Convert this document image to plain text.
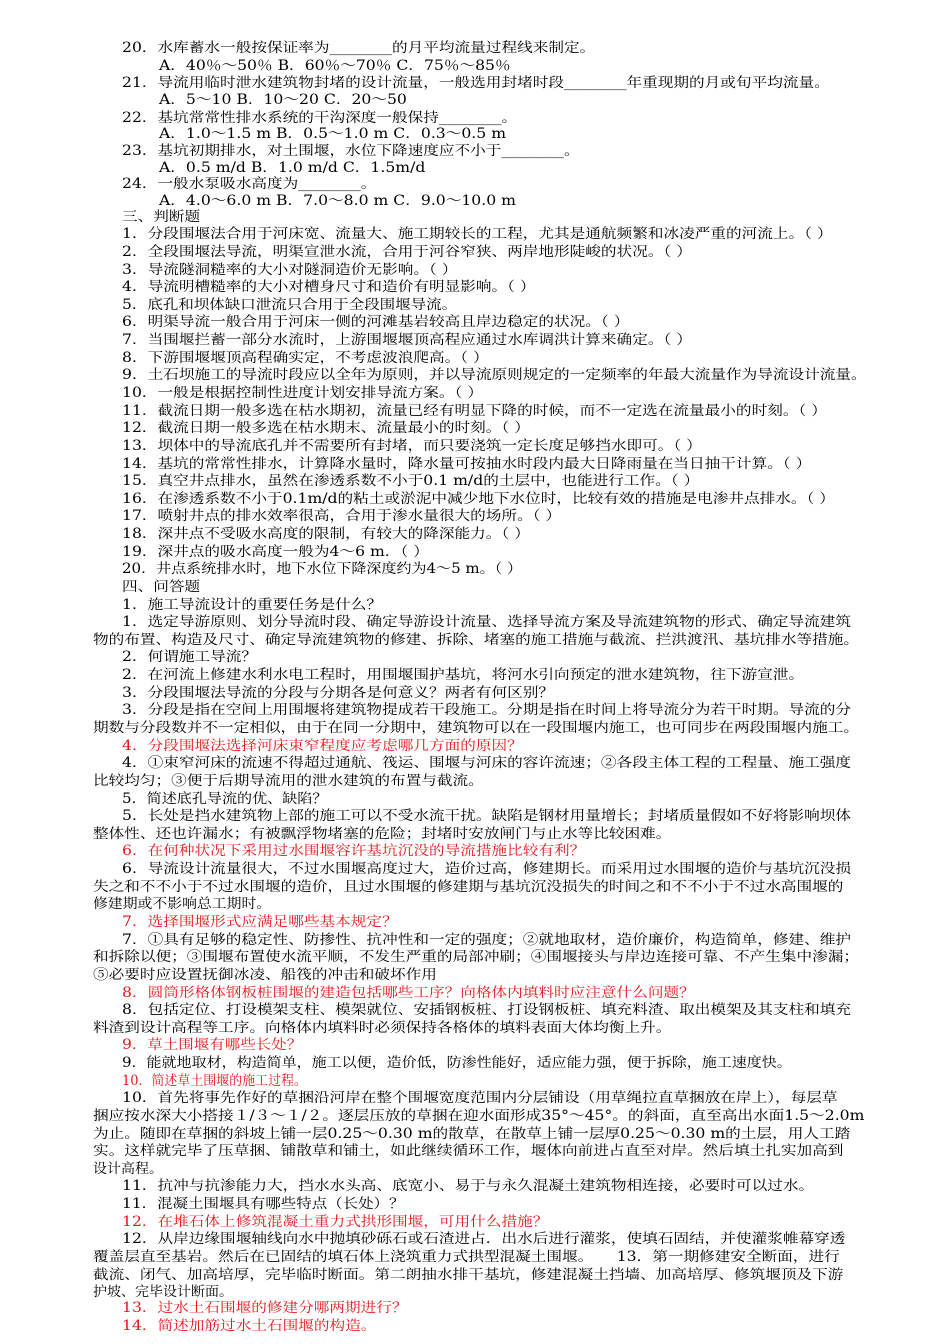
20．水库蓄水一般按保证率为________的月平均流量过程线来制定。
A．40％～50％ B．60％～70％ C．75％～85％
21．导流用临时泄水建筑物封堵的设计流量，一般选用封堵时段________年重现期的月或旬平均流量。
A．5～10 B．10～20 C．20～50
22．基坑常常性排水系统的干沟深度一般保持________。
A．1.0～1.5 m B．0.5～1.0 m C．0.3～0.5 m
23．基坑初期排水，对土围堰，水位下降速度应不小于________。
A．0.5 m/d B．1.0 m/d C．1.5m/d
24．一般水泵吸水高度为________。
A．4.0～6.0 m B．7.0～8.0 m C．9.0～10.0 m
三、判断题
1．分段围堰法合用于河床宽、流量大、施工期较长的工程，尤其是通航频繁和冰凌严重的河流上。（ ）
2．全段围堰法导流，明渠宣泄水流，合用于河谷窄狭、两岸地形陡峻的状况。（ ）
3．导流隧洞糙率的大小对隧洞造价无影响。（ ）
4．导流明槽糙率的大小对槽身尺寸和造价有明显影响。（ ）
5．底孔和坝体缺口泄流只合用于全段围堰导流。
6．明渠导流一般合用于河床一侧的河滩基岩较高且岸边稳定的状况。（ ）
7．当围堰拦蓄一部分水流时，上游围堰堰顶高程应通过水库调洪计算来确定。（ ）
8．下游围堰堰顶高程确实定，不考虑波浪爬高。（ ）
9．土石坝施工的导流时段应以全年为原则，并以导流原则规定的一定频率的年最大流量作为导流设计流量。
10．一般是根据控制性进度计划安排导流方案。（ ）
11．截流日期一般多选在枯水期初，流量已经有明显下降的时候，而不一定选在流量最小的时刻。（ ）
12．截流日期一般多选在枯水期末、流量最小的时刻。（ ）
13．坝体中的导流底孔并不需要所有封堵，而只要浇筑一定长度足够挡水即可。（ ）
14．基坑的常常性排水，计算降水量时，降水量可按抽水时段内最大日降雨量在当日抽干计算。（ ）
15．真空井点排水，虽然在渗透系数不小于0.1 m/d的土层中，也能进行工作。（ ）
16．在渗透系数不小于0.1m/d的粘土或淤泥中减少地下水位时，比较有效的措施是电渗井点排水。（ ）
17．喷射井点的排水效率很高，合用于渗水量很大的场所。（ ）
18．深井点不受吸水高度的限制，有较大的降深能力。（ ）
19．深井点的吸水高度一般为4～6 m．（ ）
20．井点系统排水时，地下水位下降深度约为4～5 m。（ ）
四、问答题
1．施工导流设计的重要任务是什么？
1．选定导游原则、划分导流时段、确定导游设计流量、选择导流方案及导流建筑物的形式、确定导流建筑
物的布置、构造及尺寸、确定导流建筑物的修建、拆除、堵塞的施工措施与截流、拦洪渡汛、基坑排水等措施。
2．何谓施工导流？
2．在河流上修建水利水电工程时，用围堰围护基坑，将河水引向预定的泄水建筑物，往下游宣泄。
3．分段围堰法导流的分段与分期各是何意义？两者有何区别？
3．分段是指在空间上用围堰将建筑物提成若干段施工。分期是指在时间上将导流分为若干时期。导流的分
期数与分段数并不一定相似，由于在同一分期中，建筑物可以在一段围堰内施工，也可同步在两段围堰内施工。
4．分段围堰法选择河床束窄程度应考虑哪几方面的原因？
4．①束窄河床的流速不得超过通航、筏运、围堰与河床的容许流速；②各段主体工程的工程量、施工强度
比较均匀；③便于后期导流用的泄水建筑的布置与截流。
5．简述底孔导流的优、缺陷？
5．长处是挡水建筑物上部的施工可以不受水流干扰。缺陷是钢材用量增长；封堵质量假如不好将影响坝体
整体性、还也许漏水；有被飘浮物堵塞的危险；封堵时安放闸门与止水等比较困难。
6．在何种状况下采用过水围堰容许基坑沉没的导流措施比较有利？
6．导流设计流量很大，不过水围堰高度过大，造价过高，修建期长。而采用过水围堰的造价与基坑沉没损
失之和不不小于不过水围堰的造价，且过水围堰的修建期与基坑沉没损失的时间之和不不小于不过水高围堰的
修建期或不影响总工期时。
7．选择围堰形式应满足哪些基本规定？
7．①具有足够的稳定性、防掺性、抗冲性和一定的强度；②就地取材，造价廉价，构造简单，修建、维护
和拆除以便；③围堰布置使水流平顺，不发生严重的局部冲刷；④围堰接头与岸边连接可靠、不产生集中渗漏；
⑤必要时应设置抚御冰凌、船筏的冲击和破坏作用
8．圆筒形格体钢板桩围堰的建造包括哪些工序？向格体内填料时应注意什么问题？
8．包括定位、打设模架支柱、模架就位、安插钢板桩、打设钢板桩、填充料渣、取出模架及其支柱和填充
料渣到设计高程等工序。向格体内填料时必须保持各格体的填料表面大体均衡上升。
9．草土围堰有哪些长处？
9．能就地取材，构造简单，施工以便，造价低，防渗性能好，适应能力强，便于拆除，施工速度快。
10．简述草土围堰的施工过程。
10．首先将事先作好的草捆沿河岸在整个围堰宽度范围内分层铺设（用草绳拉直草捆放在岸上），每层草
捆应按水深大小搭接１/３～１/２。逐层压放的草捆在迎水面形成35°～45°。的斜面，直至高出水面1.5～2.0m
为止。随即在草捆的斜坡上铺一层0.25～0.30 m的散草，在散草上铺一层厚0.25～0.30 m的土层，用人工踏
实。这样就完毕了压草捆、铺散草和铺土，如此继续循环工作，堰体向前进占直至对岸。然后填土扎实加高到
设计高程。
11．抗冲与抗渗能力大，挡水水头高、底宽小、易于与永久混凝土建筑物相连接，必要时可以过水。
11．混凝土围堰具有哪些特点（长处）？
12．在堆石体上修筑混凝土重力式拱形围堰，可用什么措施？
12．从岸边缘围堰轴线向水中抛填砂砾石或石渣进占．出水后进行灌浆，使填石固结，并使灌浆帷幕穿透
覆盖层直至基岩。然后在已固结的填石体上浇筑重力式拱型混凝土围堰。　　13．第一期修建安全断面，进行
截流、闭气、加高培厚，完毕临时断面。第二朗抽水排干基坑，修建混凝土挡墙、加高培厚、修筑堰顶及下游
护坡、完毕设计断面。
13．过水土石围堰的修建分哪两期进行？
14．简述加筋过水土石围堰的构造。
